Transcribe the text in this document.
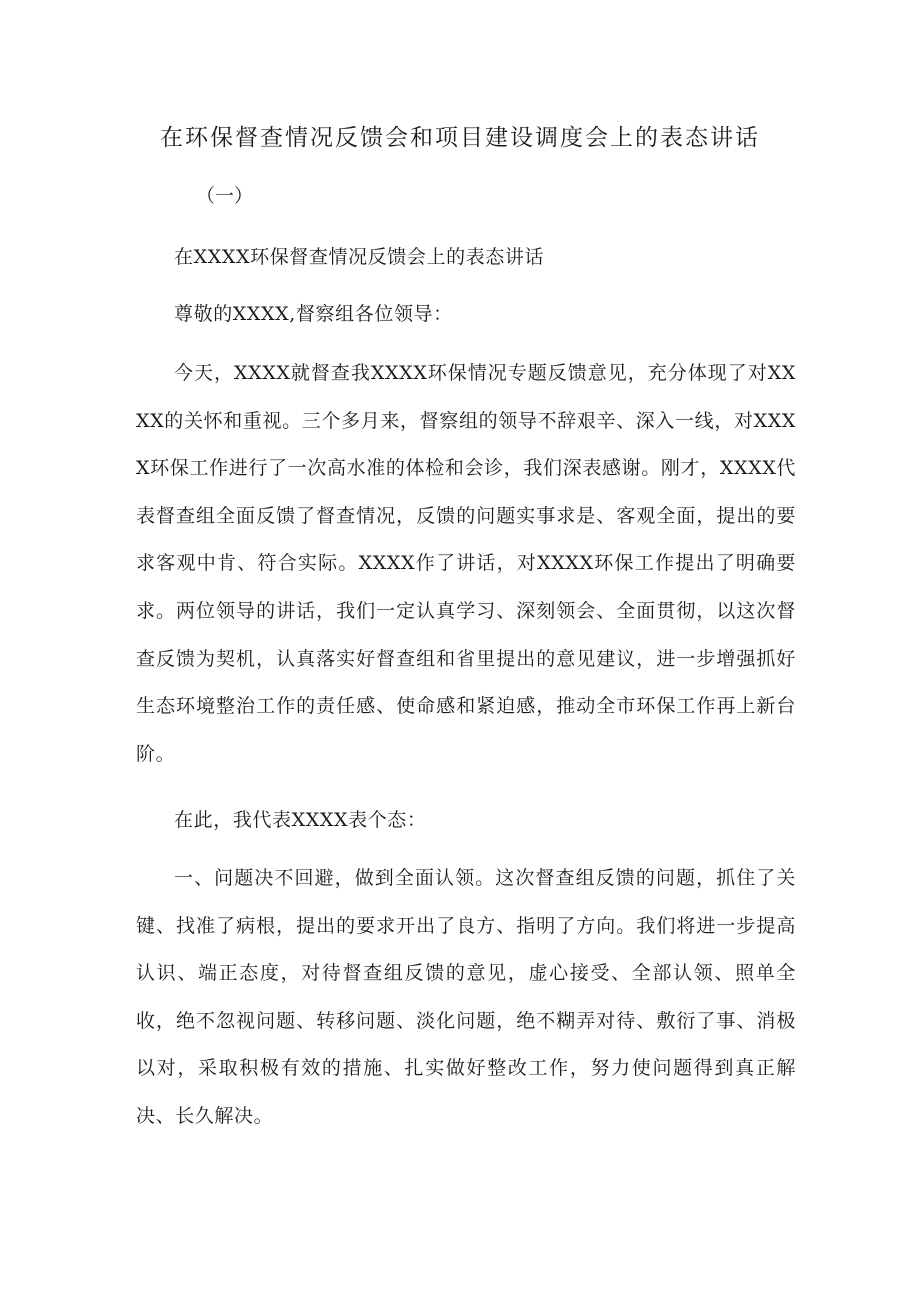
在环保督查情况反馈会和项目建设调度会上的表态讲话

（一）

在XXXX环保督查情况反馈会上的表态讲话

尊敬的XXXX,督察组各位领导：

今天，XXXX就督查我XXXX环保情况专题反馈意见，充分体现了对XXXX的关怀和重视。三个多月来，督察组的领导不辞艰辛、深入一线，对XXXX环保工作进行了一次高水准的体检和会诊，我们深表感谢。刚才，XXXX代表督查组全面反馈了督查情况，反馈的问题实事求是、客观全面，提出的要求客观中肯、符合实际。XXXX作了讲话，对XXXX环保工作提出了明确要求。两位领导的讲话，我们一定认真学习、深刻领会、全面贯彻，以这次督查反馈为契机，认真落实好督查组和省里提出的意见建议，进一步增强抓好生态环境整治工作的责任感、使命感和紧迫感，推动全市环保工作再上新台阶。

在此，我代表XXXX表个态：

一、问题决不回避，做到全面认领。这次督查组反馈的问题，抓住了关键、找准了病根，提出的要求开出了良方、指明了方向。我们将进一步提高认识、端正态度，对待督查组反馈的意见，虚心接受、全部认领、照单全收，绝不忽视问题、转移问题、淡化问题，绝不糊弄对待、敷衍了事、消极以对，采取积极有效的措施、扎实做好整改工作，努力使问题得到真正解决、长久解决。
